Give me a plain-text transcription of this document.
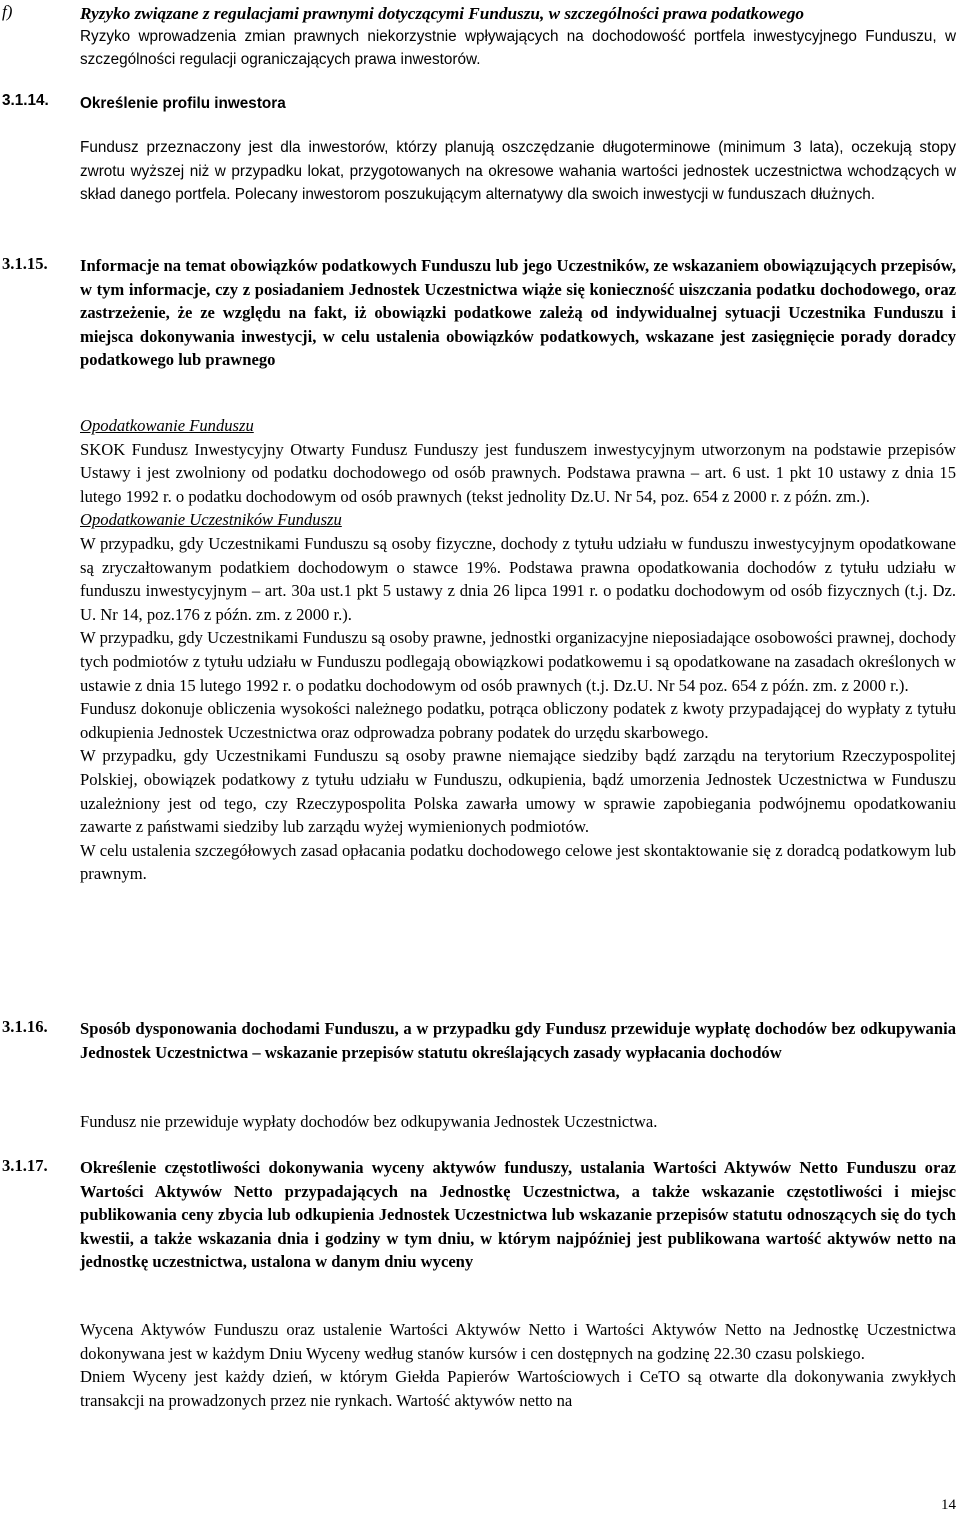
f)	Ryzyko związane z regulacjami prawnymi dotyczącymi Funduszu, w szczególności prawa podatkowego
Ryzyko wprowadzenia zmian prawnych niekorzystnie wpływających na dochodowość portfela inwestycyjnego Funduszu, w szczególności regulacji ograniczających prawa inwestorów.
3.1.14. Określenie profilu inwestora
Fundusz przeznaczony jest dla inwestorów, którzy planują oszczędzanie długoterminowe (minimum 3 lata), oczekują stopy zwrotu wyższej niż w przypadku lokat, przygotowanych na okresowe wahania wartości jednostek uczestnictwa wchodzących w skład danego portfela. Polecany inwestorom poszukującym alternatywy dla swoich inwestycji w funduszach dłużnych.
3.1.15. Informacje na temat obowiązków podatkowych Funduszu lub jego Uczestników, ze wskazaniem obowiązujących przepisów, w tym informacje, czy z posiadaniem Jednostek Uczestnictwa wiąże się konieczność uiszczania podatku dochodowego, oraz zastrzeżenie, że ze względu na fakt, iż obowiązki podatkowe zależą od indywidualnej sytuacji Uczestnika Funduszu i miejsca dokonywania inwestycji, w celu ustalenia obowiązków podatkowych, wskazane jest zasięgnięcie porady doradcy podatkowego lub prawnego

Opodatkowanie Funduszu

SKOK Fundusz Inwestycyjny Otwarty Fundusz Funduszy jest funduszem inwestycyjnym utworzonym na podstawie przepisów Ustawy i jest zwolniony od podatku dochodowego od osób prawnych. Podstawa prawna – art. 6 ust. 1 pkt 10 ustawy z dnia 15 lutego 1992 r. o podatku dochodowym od osób prawnych (tekst jednolity Dz.U. Nr 54, poz. 654 z 2000 r. z późn. zm.).

Opodatkowanie Uczestników Funduszu

W przypadku, gdy Uczestnikami Funduszu są osoby fizyczne, dochody z tytułu udziału w funduszu inwestycyjnym opodatkowane są zryczałtowanym podatkiem dochodowym o stawce 19%. Podstawa prawna opodatkowania dochodów z tytułu udziału w funduszu inwestycyjnym – art. 30a ust.1 pkt 5 ustawy z dnia 26 lipca 1991 r. o podatku dochodowym od osób fizycznych (t.j. Dz. U. Nr 14, poz.176 z późn. zm. z 2000 r.).

W przypadku, gdy Uczestnikami Funduszu są osoby prawne, jednostki organizacyjne nieposiadające osobowości prawnej, dochody tych podmiotów z tytułu udziału w Funduszu podlegają obowiązkowi podatkowemu i są opodatkowane na zasadach określonych w ustawie z dnia 15 lutego 1992 r. o podatku dochodowym od osób prawnych (t.j. Dz.U. Nr 54 poz. 654 z późn. zm. z 2000 r.).

Fundusz dokonuje obliczenia wysokości należnego podatku, potrąca obliczony podatek z kwoty przypadającej do wypłaty z tytułu odkupienia Jednostek Uczestnictwa oraz odprowadza pobrany podatek do urzędu skarbowego.

W przypadku, gdy Uczestnikami Funduszu są osoby prawne niemające siedziby bądź zarządu na terytorium Rzeczypospolitej Polskiej, obowiązek podatkowy z tytułu udziału w Funduszu, odkupienia, bądź umorzenia Jednostek Uczestnictwa w Funduszu uzależniony jest od tego, czy Rzeczypospolita Polska zawarła umowy w sprawie zapobiegania podwójnemu opodatkowaniu zawarte z państwami siedziby lub zarządu wyżej wymienionych podmiotów.

W celu ustalenia szczegółowych zasad opłacania podatku dochodowego celowe jest skontaktowanie się z doradcą podatkowym lub prawnym.

3.1.16. Sposób dysponowania dochodami Funduszu, a w przypadku gdy Fundusz przewiduje wypłatę dochodów bez odkupywania Jednostek Uczestnictwa – wskazanie przepisów statutu określających zasady wypłacania dochodów
Fundusz nie przewiduje wypłaty dochodów bez odkupywania Jednostek Uczestnictwa.
3.1.17. Określenie częstotliwości dokonywania wyceny aktywów funduszy, ustalania Wartości Aktywów Netto Funduszu oraz Wartości Aktywów Netto przypadających na Jednostkę Uczestnictwa, a także wskazanie częstotliwości i miejsc publikowania ceny zbycia lub odkupienia Jednostek Uczestnictwa lub wskazanie przepisów statutu odnoszących się do tych kwestii, a także wskazania dnia i godziny w tym dniu, w którym najpóźniej jest publikowana wartość aktywów netto na jednostkę uczestnictwa, ustalona w danym dniu wyceny

Wycena Aktywów Funduszu oraz ustalenie Wartości Aktywów Netto i Wartości Aktywów Netto na Jednostkę Uczestnictwa dokonywana jest w każdym Dniu Wyceny według stanów kursów i cen dostępnych na godzinę 22.30 czasu polskiego.

Dniem Wyceny jest każdy dzień, w którym Giełda Papierów Wartościowych i CeTO są otwarte dla dokonywania zwykłych transakcji na prowadzonych przez nie rynkach. Wartość aktywów netto na

14
